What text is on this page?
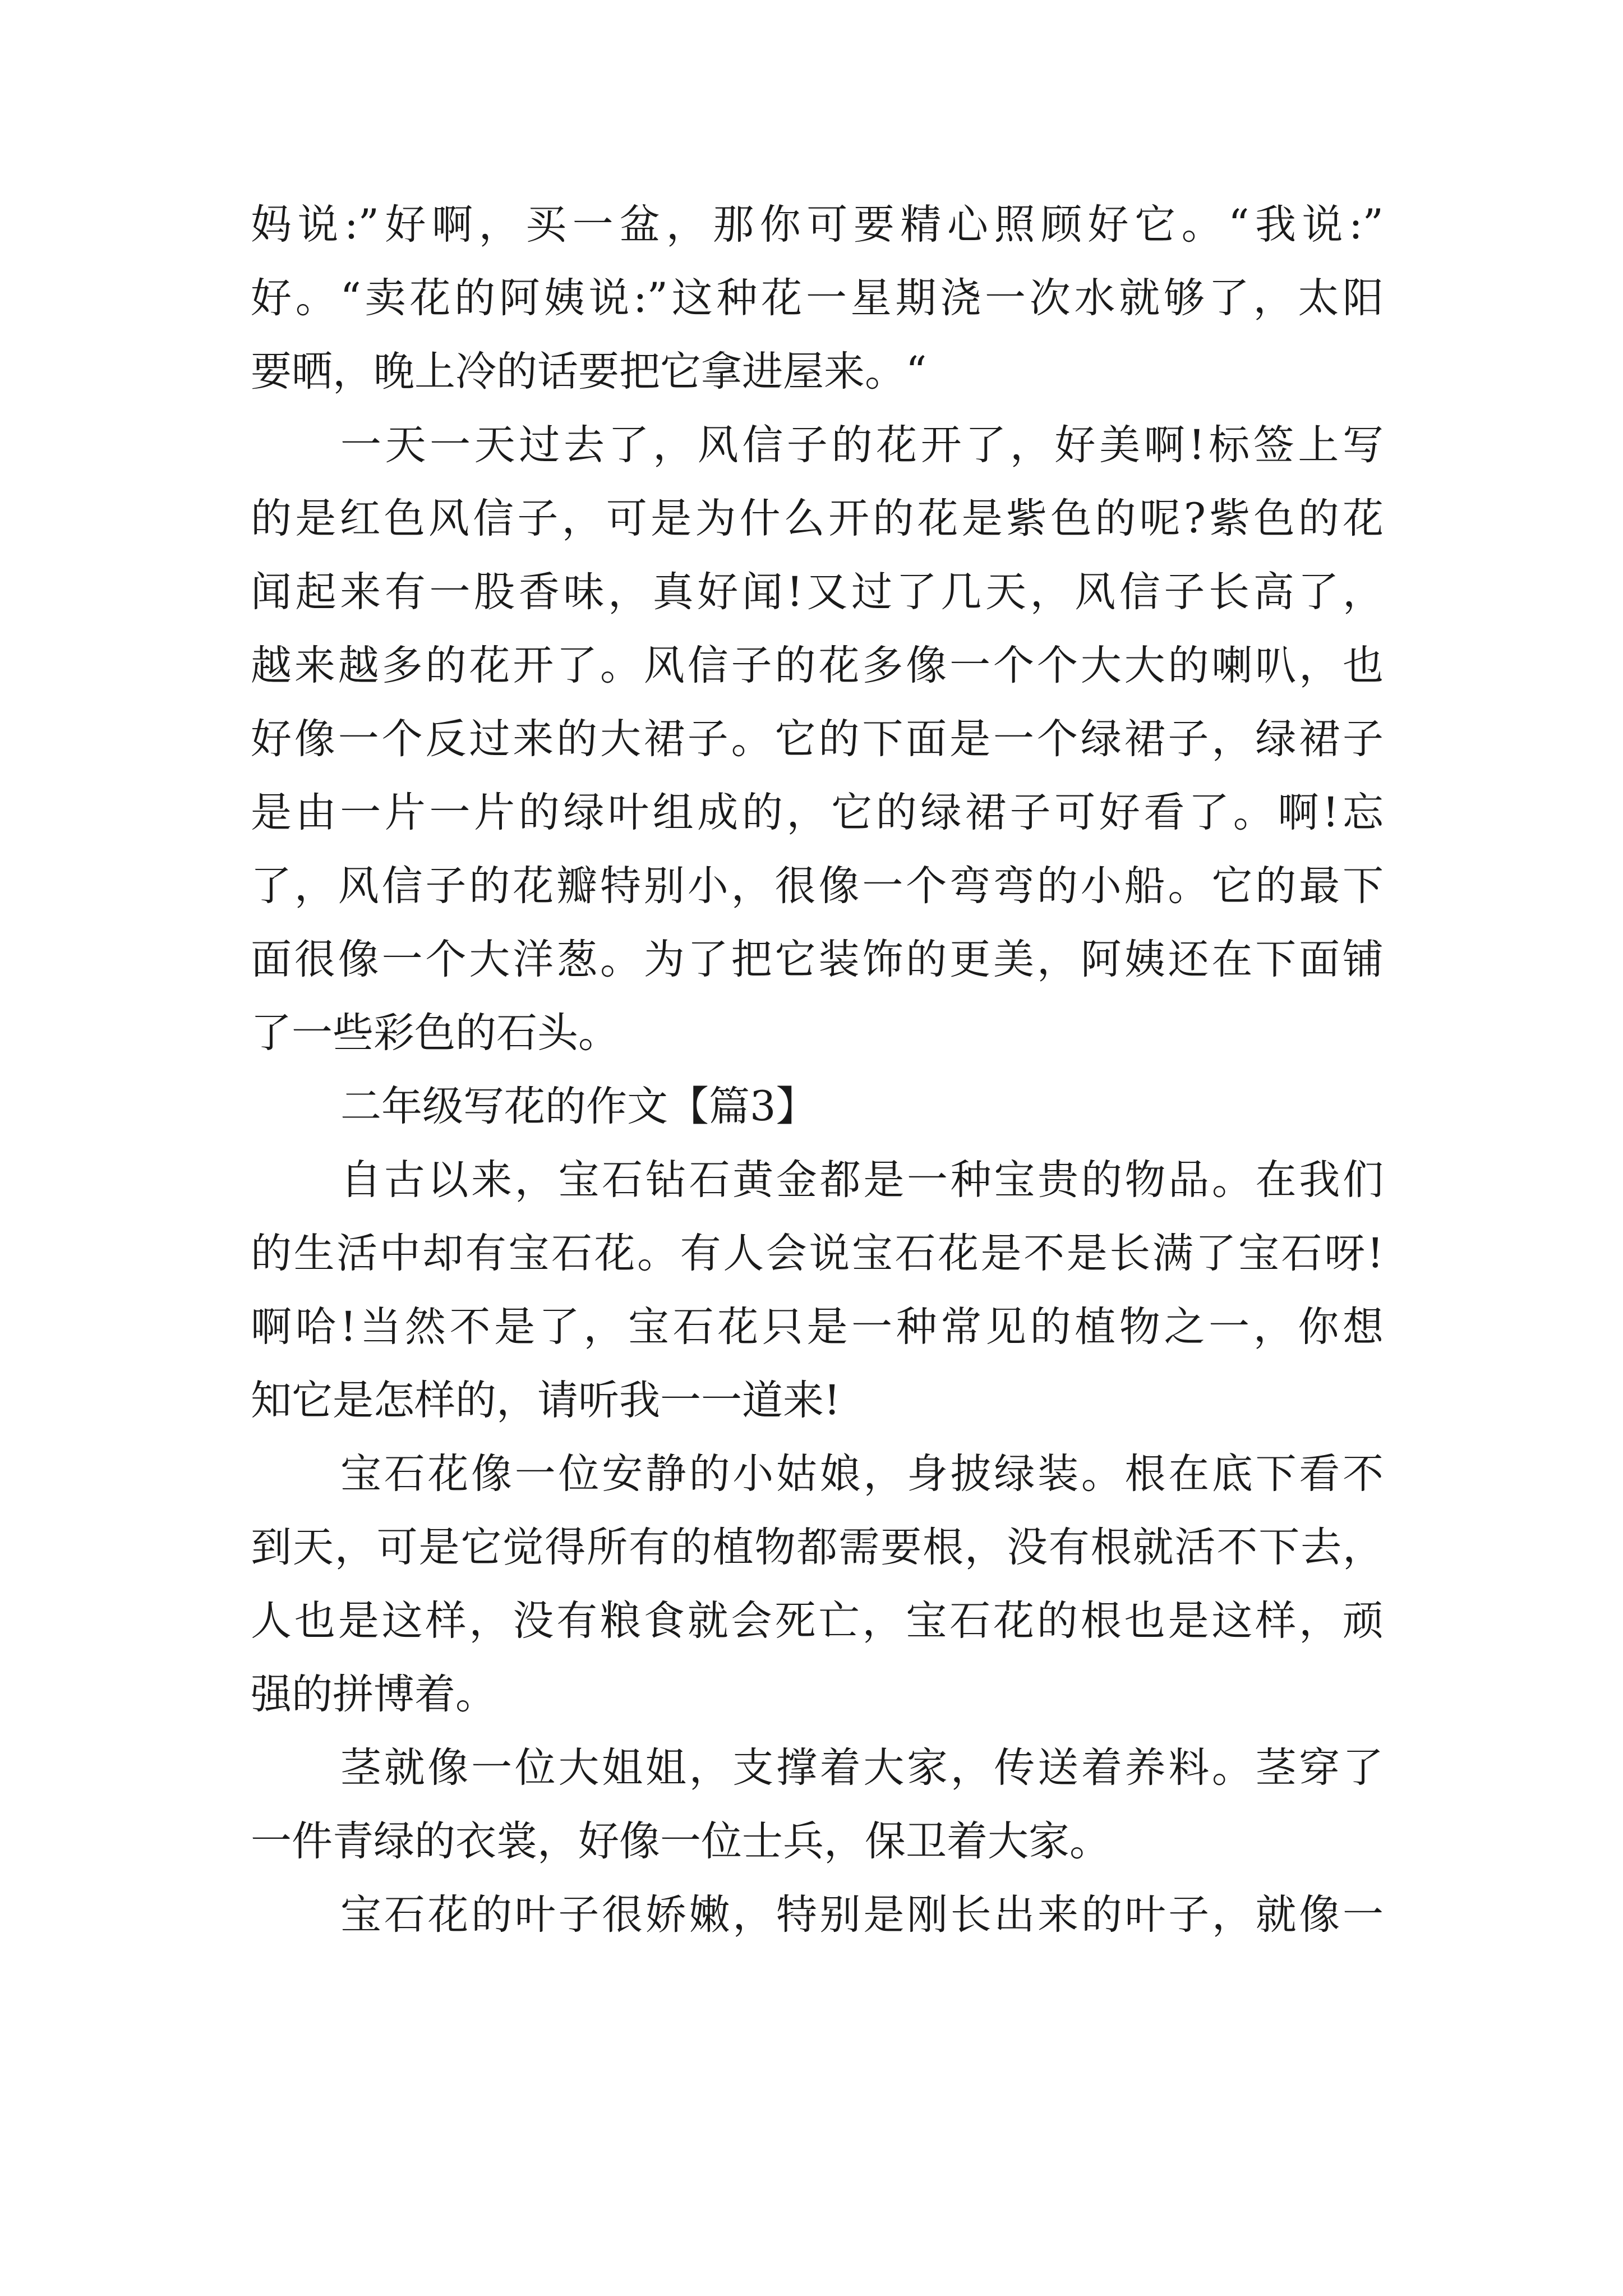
妈说:”好啊，买一盆，那你可要精心照顾好它。“我说:”
好。“卖花的阿姨说:”这种花一星期浇一次水就够了，太阳
要晒，晚上冷的话要把它拿进屋来。“
一天一天过去了，风信子的花开了，好美啊!标签上写
的是红色风信子，可是为什么开的花是紫色的呢?紫色的花
闻起来有一股香味，真好闻!又过了几天，风信子长高了，
越来越多的花开了。风信子的花多像一个个大大的喇叭，也
好像一个反过来的大裙子。它的下面是一个绿裙子，绿裙子
是由一片一片的绿叶组成的，它的绿裙子可好看了。啊!忘
了，风信子的花瓣特别小，很像一个弯弯的小船。它的最下
面很像一个大洋葱。为了把它装饰的更美，阿姨还在下面铺
了一些彩色的石头。
二年级写花的作文【篇3】
自古以来，宝石钻石黄金都是一种宝贵的物品。在我们
的生活中却有宝石花。有人会说宝石花是不是长满了宝石呀!
啊哈!当然不是了，宝石花只是一种常见的植物之一，你想
知它是怎样的，请听我一一道来!
宝石花像一位安静的小姑娘，身披绿装。根在底下看不
到天，可是它觉得所有的植物都需要根，没有根就活不下去，
人也是这样，没有粮食就会死亡，宝石花的根也是这样，顽
强的拼博着。
茎就像一位大姐姐，支撑着大家，传送着养料。茎穿了
一件青绿的衣裳，好像一位士兵，保卫着大家。
宝石花的叶子很娇嫩，特别是刚长出来的叶子，就像一
